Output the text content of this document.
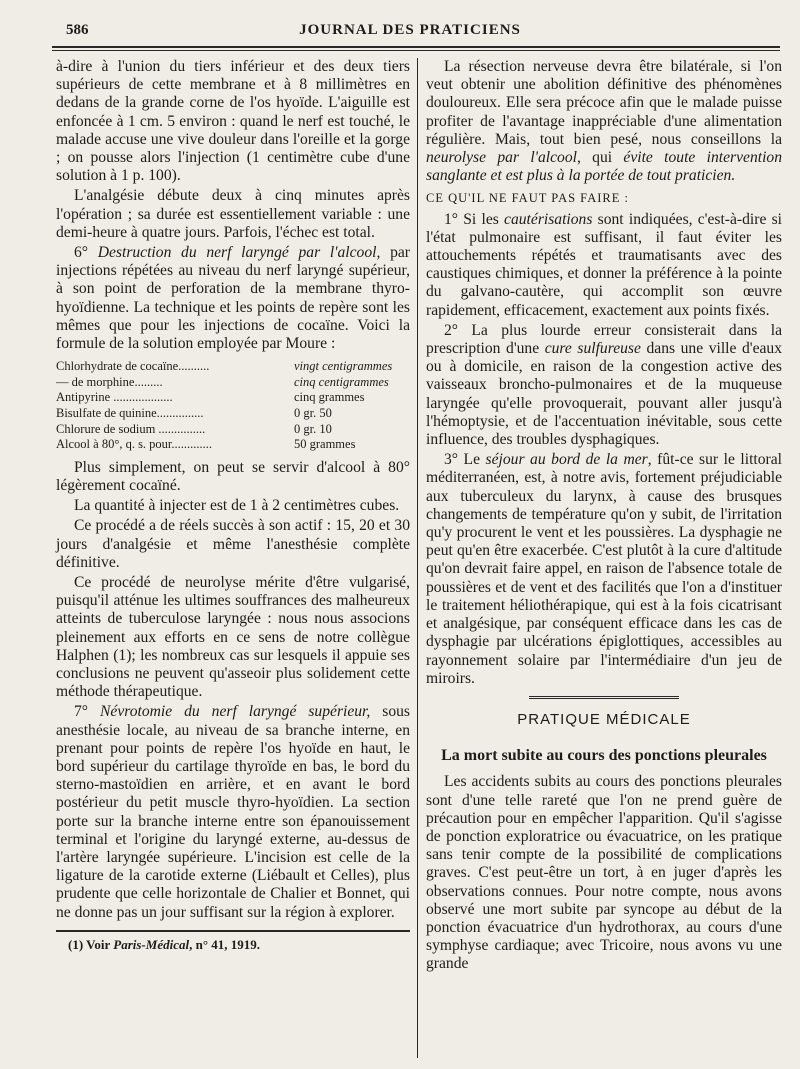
586	JOURNAL DES PRATICIENS

à-dire à l'union du tiers inférieur et des deux tiers supérieurs de cette membrane et à 8 millimètres en dedans de la grande corne de l'os hyoïde. L'aiguille est enfoncée à 1 cm. 5 environ : quand le nerf est touché, le malade accuse une vive douleur dans l'oreille et la gorge ; on pousse alors l'injection (1 centimètre cube d'une solution à 1 p. 100).

L'analgésie débute deux à cinq minutes après l'opération ; sa durée est essentiellement variable : une demi-heure à quatre jours. Parfois, l'échec est total.

6° Destruction du nerf laryngé par l'alcool, par injections répétées au niveau du nerf laryngé supérieur, à son point de perforation de la membrane thyro-hyoïdienne. La technique et les points de repère sont les mêmes que pour les injections de cocaïne. Voici la formule de la solution employée par Moure :

Chlorhydrate de cocaïne..........	vingt centigrammes
— de morphine.........	cinq centigrammes
Antipyrine ...................	cinq grammes
Bisulfate de quinine...............	0 gr. 50
Chlorure de sodium ...............	0 gr. 10
Alcool à 80°, q. s. pour.............	50 grammes

Plus simplement, on peut se servir d'alcool à 80° légèrement cocaïné.

La quantité à injecter est de 1 à 2 centimètres cubes.

Ce procédé a de réels succès à son actif : 15, 20 et 30 jours d'analgésie et même l'anesthésie complète définitive.

Ce procédé de neurolyse mérite d'être vulgarisé, puisqu'il atténue les ultimes souffrances des malheureux atteints de tuberculose laryngée : nous nous associons pleinement aux efforts en ce sens de notre collègue Halphen (1); les nombreux cas sur lesquels il appuie ses conclusions ne peuvent qu'asseoir plus solidement cette méthode thérapeutique.

7° Névrotomie du nerf laryngé supérieur, sous anesthésie locale, au niveau de sa branche interne, en prenant pour points de repère l'os hyoïde en haut, le bord supérieur du cartilage thyroïde en bas, le bord du sterno-mastoïdien en arrière, et en avant le bord postérieur du petit muscle thyro-hyoïdien. La section porte sur la branche interne entre son épanouissement terminal et l'origine du laryngé externe, au-dessus de l'artère laryngée supérieure. L'incision est celle de la ligature de la carotide externe (Liébault et Celles), plus prudente que celle horizontale de Chalier et Bonnet, qui ne donne pas un jour suffisant sur la région à explorer.

(1) Voir Paris-Médical, n° 41, 1919.

La résection nerveuse devra être bilatérale, si l'on veut obtenir une abolition définitive des phénomènes douloureux. Elle sera précoce afin que le malade puisse profiter de l'avantage inappréciable d'une alimentation régulière. Mais, tout bien pesé, nous conseillons la neurolyse par l'alcool, qui évite toute intervention sanglante et est plus à la portée de tout praticien.

CE QU'IL NE FAUT PAS FAIRE :

1° Si les cautérisations sont indiquées, c'est-à-dire si l'état pulmonaire est suffisant, il faut éviter les attouchements répétés et traumatisants avec des caustiques chimiques, et donner la préférence à la pointe du galvano-cautère, qui accomplit son œuvre rapidement, efficacement, exactement aux points fixés.

2° La plus lourde erreur consisterait dans la prescription d'une cure sulfureuse dans une ville d'eaux ou à domicile, en raison de la congestion active des vaisseaux broncho-pulmonaires et de la muqueuse laryngée qu'elle provoquerait, pouvant aller jusqu'à l'hémoptysie, et de l'accentuation inévitable, sous cette influence, des troubles dysphagiques.

3° Le séjour au bord de la mer, fût-ce sur le littoral méditerranéen, est, à notre avis, fortement préjudiciable aux tuberculeux du larynx, à cause des brusques changements de température qu'on y subit, de l'irritation qu'y procurent le vent et les poussières. La dysphagie ne peut qu'en être exacerbée. C'est plutôt à la cure d'altitude qu'on devrait faire appel, en raison de l'absence totale de poussières et de vent et des facilités que l'on a d'instituer le traitement héliothérapique, qui est à la fois cicatrisant et analgésique, par conséquent efficace dans les cas de dysphagie par ulcérations épiglottiques, accessibles au rayonnement solaire par l'intermédiaire d'un jeu de miroirs.

PRATIQUE MÉDICALE
La mort subite au cours des ponctions pleurales

Les accidents subits au cours des ponctions pleurales sont d'une telle rareté que l'on ne prend guère de précaution pour en empêcher l'apparition. Qu'il s'agisse de ponction exploratrice ou évacuatrice, on les pratique sans tenir compte de la possibilité de complications graves. C'est peut-être un tort, à en juger d'après les observations connues. Pour notre compte, nous avons observé une mort subite par syncope au début de la ponction évacuatrice d'un hydrothorax, au cours d'une symphyse cardiaque; avec Tricoire, nous avons vu une grande
